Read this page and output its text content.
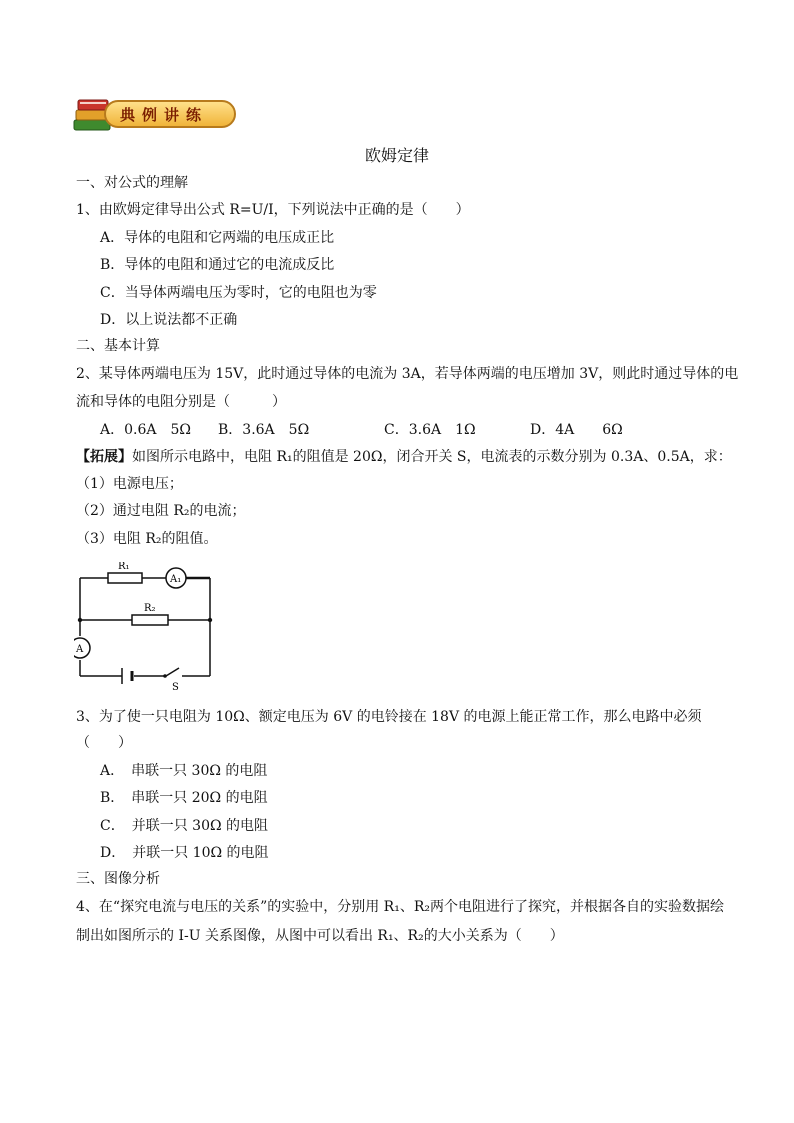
典例讲练
欧姆定律
一、对公式的理解
1、由欧姆定律导出公式 R=U/I，下列说法中正确的是（　　）
A．导体的电阻和它两端的电压成正比
B．导体的电阻和通过它的电流成反比
C．当导体两端电压为零时，它的电阻也为零
D．以上说法都不正确
二、基本计算
2、某导体两端电压为 15V，此时通过导体的电流为 3A，若导体两端的电压增加 3V，则此时通过导体的电
流和导体的电阻分别是（　　　）
A．0.6A　5Ω B．3.6A　5Ω	C．3.6A　1Ω	D．4A　　6Ω
【拓展】如图所示电路中，电阻 R₁的阻值是 20Ω，闭合开关 S，电流表的示数分别为 0.3A、0.5A，求：
（1）电源电压；
（2）通过电阻 R₂的电流；
（3）电阻 R₂的阻值。
R₁
R₂
A₁
A
S
3、为了使一只电阻为 10Ω、额定电压为 6V 的电铃接在 18V 的电源上能正常工作，那么电路中必须
（　　）
A．　串联一只 30Ω 的电阻
B．　串联一只 20Ω 的电阻
C．　并联一只 30Ω 的电阻
D．　并联一只 10Ω 的电阻
三、图像分析
4、在“探究电流与电压的关系”的实验中，分别用 R₁、R₂两个电阻进行了探究，并根据各自的实验数据绘
制出如图所示的 I-U 关系图像，从图中可以看出 R₁、R₂的大小关系为（　　）
